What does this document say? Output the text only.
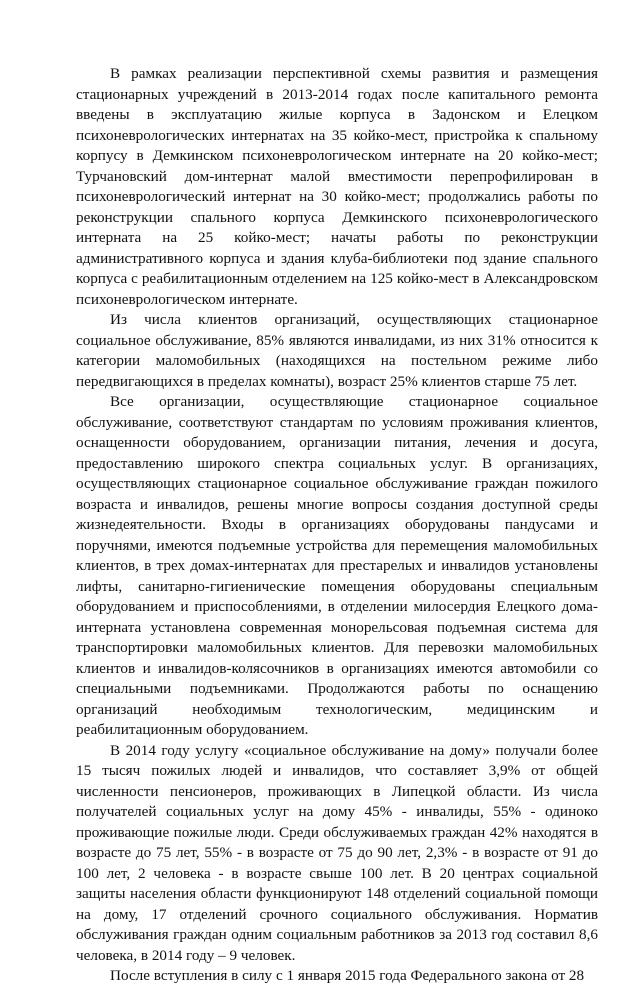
В рамках реализации перспективной схемы развития и размещения стационарных учреждений в 2013-2014 годах после капитального ремонта введены в эксплуатацию жилые корпуса в Задонском и Елецком психоневрологических интернатах на 35 койко-мест, пристройка к спальному корпусу в Демкинском психоневрологическом интернате на 20 койко-мест; Турчановский дом-интернат малой вместимости перепрофилирован в психоневрологический интернат на 30 койко-мест; продолжались работы по реконструкции спального корпуса Демкинского психоневрологического интерната на 25 койко-мест; начаты работы по реконструкции административного корпуса и здания клуба-библиотеки под здание спального корпуса с реабилитационным отделением на 125 койко-мест в Александровском психоневрологическом интернате.

Из числа клиентов организаций, осуществляющих стационарное социальное обслуживание, 85% являются инвалидами, из них 31% относится к категории маломобильных (находящихся на постельном режиме либо передвигающихся в пределах комнаты), возраст 25% клиентов старше 75 лет.

Все организации, осуществляющие стационарное социальное обслуживание, соответствуют стандартам по условиям проживания клиентов, оснащенности оборудованием, организации питания, лечения и досуга, предоставлению широкого спектра социальных услуг. В организациях, осуществляющих стационарное социальное обслуживание граждан пожилого возраста и инвалидов, решены многие вопросы создания доступной среды жизнедеятельности. Входы в организациях оборудованы пандусами и поручнями, имеются подъемные устройства для перемещения маломобильных клиентов, в трех домах-интернатах для престарелых и инвалидов установлены лифты, санитарно-гигиенические помещения оборудованы специальным оборудованием и приспособлениями, в отделении милосердия Елецкого дома-интерната установлена современная монорельсовая подъемная система для транспортировки маломобильных клиентов. Для перевозки маломобильных клиентов и инвалидов-колясочников в организациях имеются автомобили со специальными подъемниками. Продолжаются работы по оснащению организаций необходимым технологическим, медицинским и реабилитационным оборудованием.

В 2014 году услугу «социальное обслуживание на дому» получали более 15 тысяч пожилых людей и инвалидов, что составляет 3,9% от общей численности пенсионеров, проживающих в Липецкой области. Из числа получателей социальных услуг на дому 45% - инвалиды, 55% - одиноко проживающие пожилые люди. Среди обслуживаемых граждан 42% находятся в возрасте до 75 лет, 55% - в возрасте от 75 до 90 лет, 2,3% - в возрасте от 91 до 100 лет, 2 человека - в возрасте свыше 100 лет. В 20 центрах социальной защиты населения области функционируют 148 отделений социальной помощи на дому, 17 отделений срочного социального обслуживания. Норматив обслуживания граждан одним социальным работников за 2013 год составил 8,6 человека, в 2014 году – 9 человек.

После вступления в силу с 1 января 2015 года Федерального закона от 28
